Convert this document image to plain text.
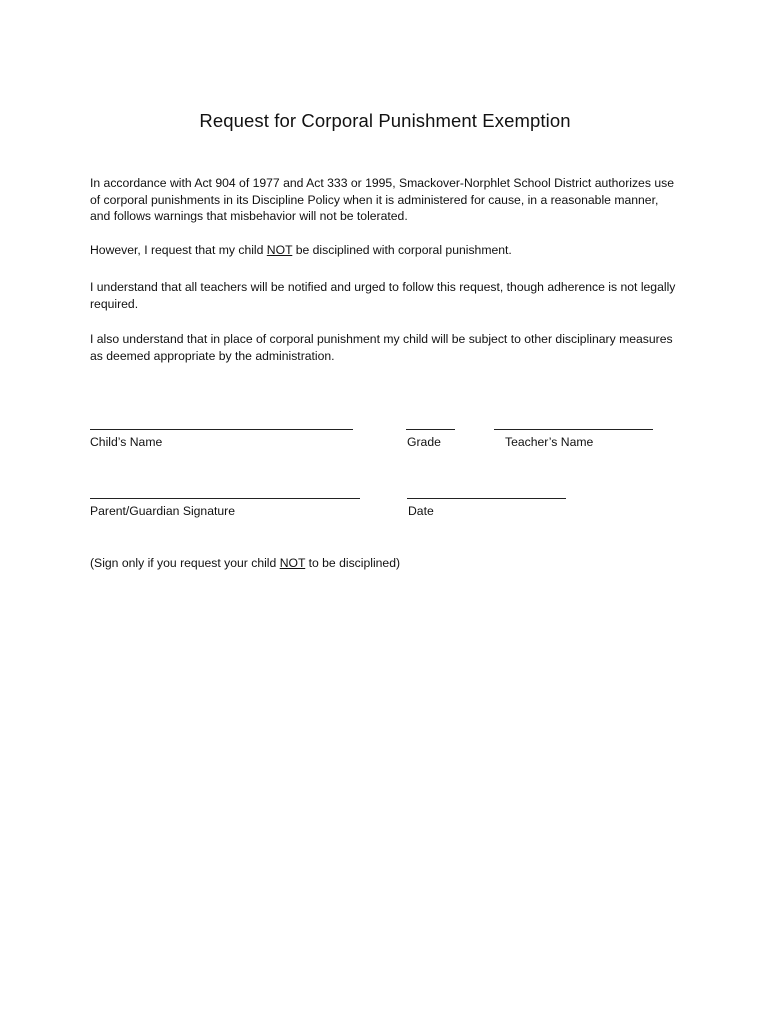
Request for Corporal Punishment Exemption
In accordance with Act 904 of 1977 and Act 333 or 1995, Smackover-Norphlet School District authorizes use of corporal punishments in its Discipline Policy when it is administered for cause, in a reasonable manner, and follows warnings that misbehavior will not be tolerated.
However, I request that my child NOT be disciplined with corporal punishment.
I understand that all teachers will be notified and urged to follow this request, though adherence is not legally required.
I also understand that in place of corporal punishment my child will be subject to other disciplinary measures as deemed appropriate by the administration.
Child’s Name	Grade	Teacher’s Name
Parent/Guardian Signature	Date
(Sign only if you request your child NOT to be disciplined)
